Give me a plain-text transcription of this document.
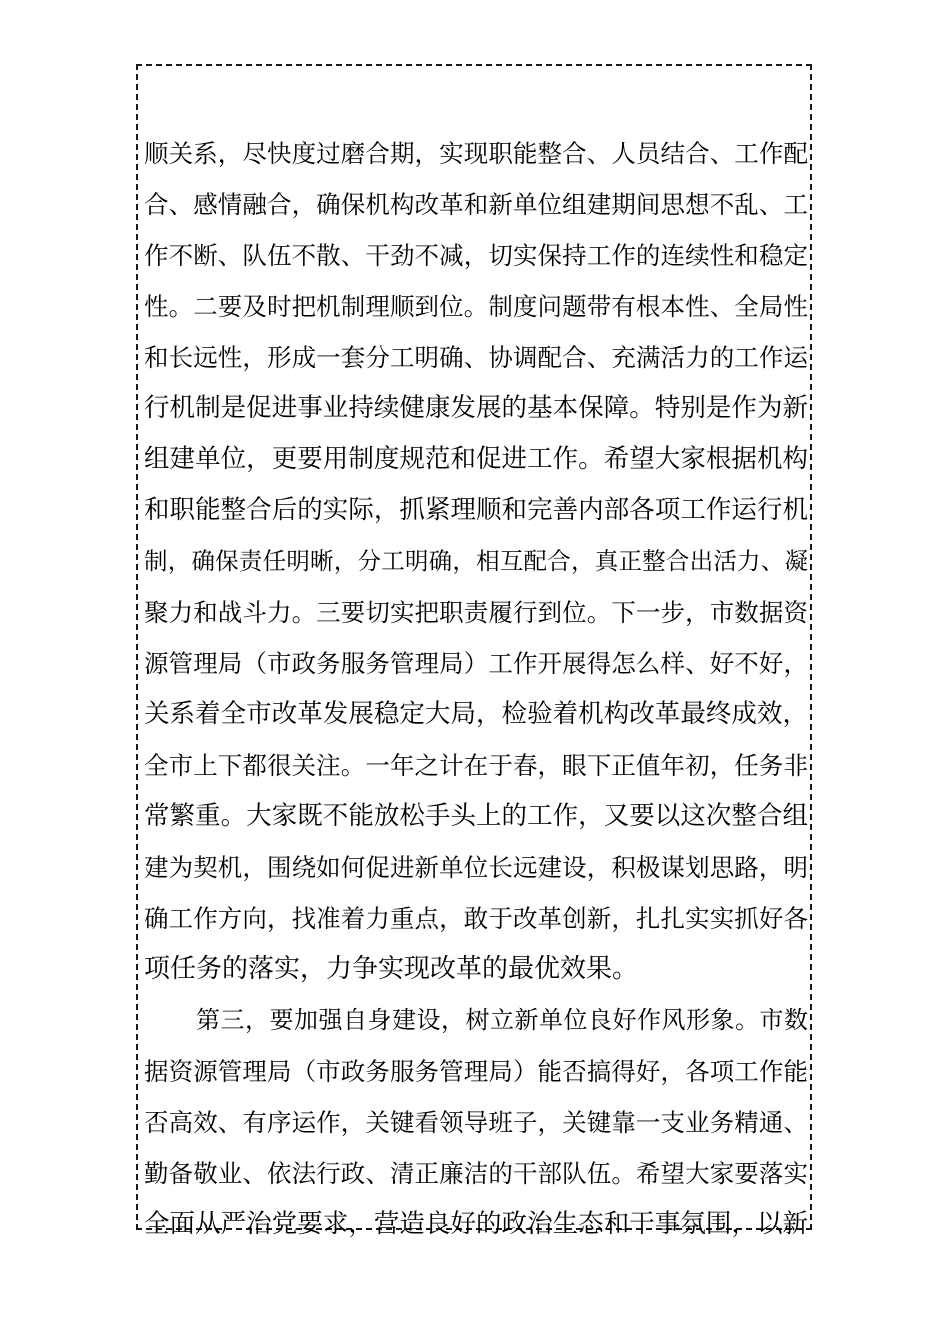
顺关系，尽快度过磨合期，实现职能整合、人员结合、工作配
合、感情融合，确保机构改革和新单位组建期间思想不乱、工
作不断、队伍不散、干劲不减，切实保持工作的连续性和稳定
性。二要及时把机制理顺到位。制度问题带有根本性、全局性
和长远性，形成一套分工明确、协调配合、充满活力的工作运
行机制是促进事业持续健康发展的基本保障。特别是作为新
组建单位，更要用制度规范和促进工作。希望大家根据机构
和职能整合后的实际，抓紧理顺和完善内部各项工作运行机
制，确保责任明晰，分工明确，相互配合，真正整合出活力、凝
聚力和战斗力。三要切实把职责履行到位。下一步，市数据资
源管理局（市政务服务管理局）工作开展得怎么样、好不好，
关系着全市改革发展稳定大局，检验着机构改革最终成效，
全市上下都很关注。一年之计在于春，眼下正值年初，任务非
常繁重。大家既不能放松手头上的工作，又要以这次整合组
建为契机，围绕如何促进新单位长远建设，积极谋划思路，明
确工作方向，找准着力重点，敢于改革创新，扎扎实实抓好各
项任务的落实，力争实现改革的最优效果。
第三，要加强自身建设，树立新单位良好作风形象。市数
据资源管理局（市政务服务管理局）能否搞得好，各项工作能
否高效、有序运作，关键看领导班子，关键靠一支业务精通、
勤备敬业、依法行政、清正廉洁的干部队伍。希望大家要落实
全面从严治党要求，营造良好的政治生态和干事氛围，以新
